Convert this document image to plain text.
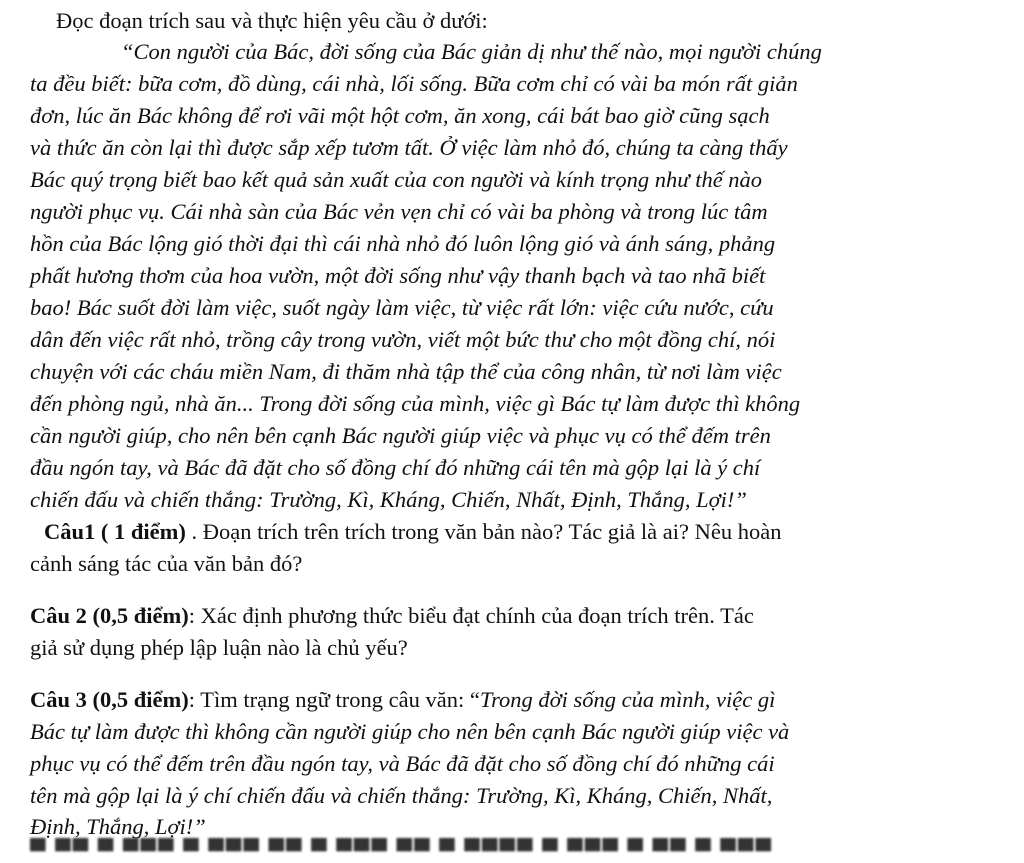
Đọc đoạn trích sau và thực hiện yêu cầu ở dưới:
“Con người của Bác, đời sống của Bác giản dị như thế nào, mọi người chúng
ta đều biết: bữa cơm, đồ dùng, cái nhà, lối sống. Bữa cơm chỉ có vài ba món rất giản
đơn, lúc ăn Bác không để rơi vãi một hột cơm, ăn xong, cái bát bao giờ cũng sạch
và thức ăn còn lại thì được sắp xếp tươm tất. Ở việc làm nhỏ đó, chúng ta càng thấy
Bác quý trọng biết bao kết quả sản xuất của con người và kính trọng như thế nào
người phục vụ. Cái nhà sàn của Bác vẻn vẹn chỉ có vài ba phòng và trong lúc tâm
hồn của Bác lộng gió thời đại thì cái nhà nhỏ đó luôn lộng gió và ánh sáng, phảng
phất hương thơm của hoa vườn, một đời sống như vậy thanh bạch và tao nhã biết
bao! Bác suốt đời làm việc, suốt ngày làm việc, từ việc rất lớn: việc cứu nước, cứu
dân đến việc rất nhỏ, trồng cây trong vườn, viết một bức thư cho một đồng chí, nói
chuyện với các cháu miền Nam, đi thăm nhà tập thể của công nhân, từ nơi làm việc
đến phòng ngủ, nhà ăn... Trong đời sống của mình, việc gì Bác tự làm được thì không
cần người giúp, cho nên bên cạnh Bác người giúp việc và phục vụ có thể đếm trên
đầu ngón tay, và Bác đã đặt cho số đồng chí đó những cái tên mà gộp lại là ý chí
chiến đấu và chiến thắng: Trường, Kì, Kháng, Chiến, Nhất, Định, Thắng, Lợi!”
Câu1 ( 1 điểm) . Đoạn trích trên trích trong văn bản nào? Tác giả là ai? Nêu hoàn
cảnh sáng tác của văn bản đó?
Câu 2 (0,5 điểm): Xác định phương thức biểu đạt chính của đoạn trích trên. Tác
giả sử dụng phép lập luận nào là chủ yếu?
Câu 3 (0,5 điểm): Tìm trạng ngữ trong câu văn: “Trong đời sống của mình, việc gì
Bác tự làm được thì không cần người giúp cho nên bên cạnh Bác người giúp việc và
phục vụ có thể đếm trên đầu ngón tay, và Bác đã đặt cho số đồng chí đó những cái
tên mà gộp lại là ý chí chiến đấu và chiến thắng: Trường, Kì, Kháng, Chiến, Nhất,
Định, Thắng, Lợi!”
▀ ▀▀ ▀ ▀▀▀ ▀ ▀▀▀ ▀▀ ▀ ▀▀▀ ▀▀ ▀ ▀▀▀▀ ▀ ▀▀▀ ▀ ▀▀ ▀ ▀▀▀
